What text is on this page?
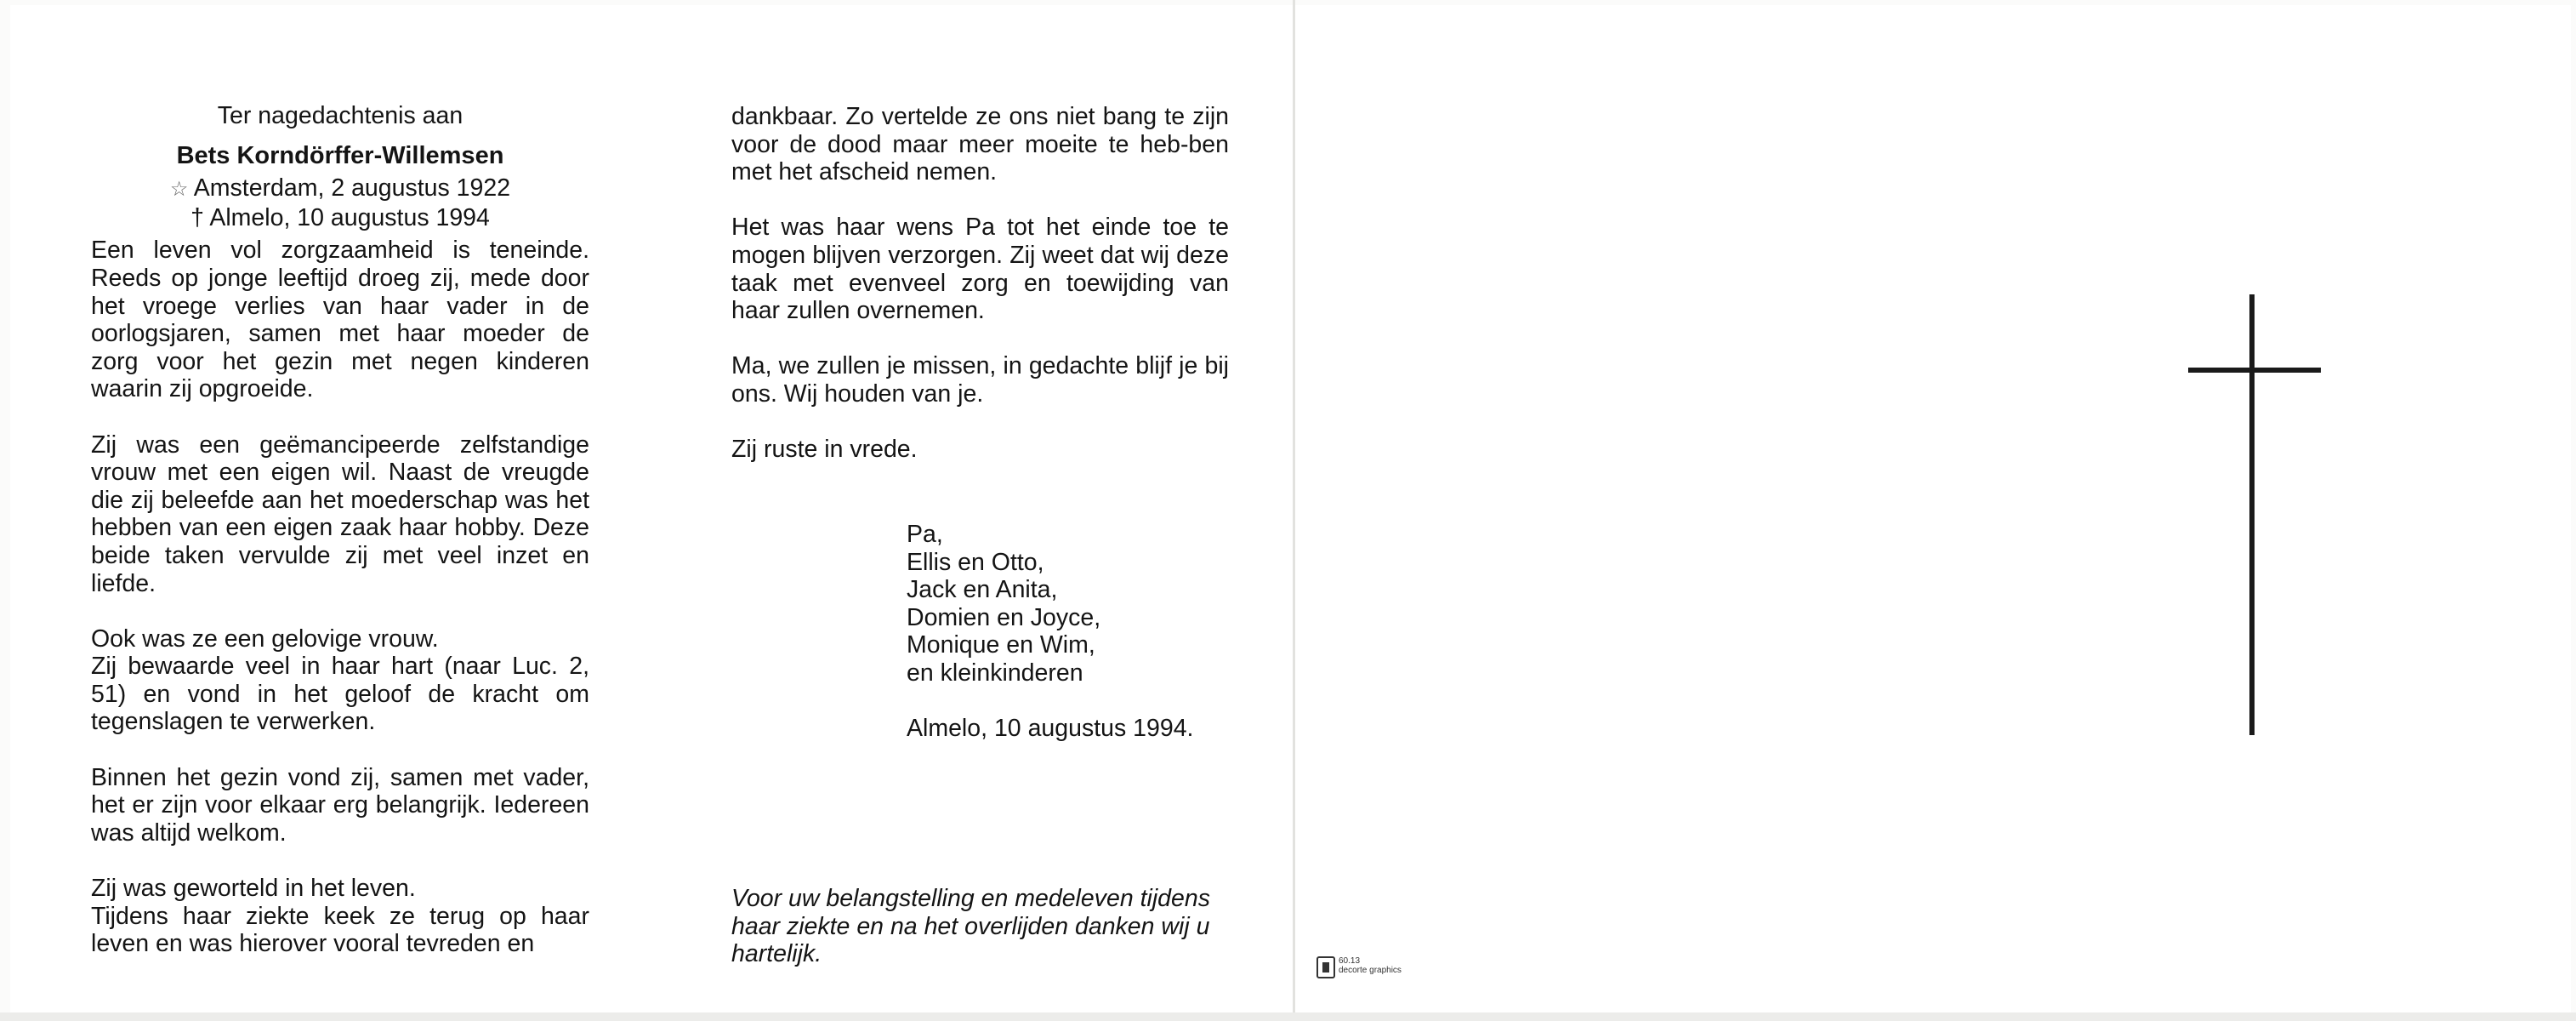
Ter nagedachtenis aan

Bets Korndörffer-Willemsen

☆ Amsterdam, 2 augustus 1922

† Almelo, 10 augustus 1994

Een leven vol zorgzaamheid is teneinde. Reeds op jonge leeftijd droeg zij, mede door het vroege verlies van haar vader in de oorlogsjaren, samen met haar moeder de zorg voor het gezin met negen kinderen waarin zij opgroeide.

Zij was een geëmancipeerde zelfstandige vrouw met een eigen wil. Naast de vreugde die zij beleefde aan het moederschap was het hebben van een eigen zaak haar hobby. Deze beide taken vervulde zij met veel inzet en liefde.

Ook was ze een gelovige vrouw.

Zij bewaarde veel in haar hart (naar Luc. 2, 51) en vond in het geloof de kracht om tegenslagen te verwerken.

Binnen het gezin vond zij, samen met vader, het er zijn voor elkaar erg belangrijk. Iedereen was altijd welkom.

Zij was geworteld in het leven.

Tijdens haar ziekte keek ze terug op haar leven en was hierover vooral tevreden en

dankbaar. Zo vertelde ze ons niet bang te zijn voor de dood maar meer moeite te heb-ben met het afscheid nemen.

Het was haar wens Pa tot het einde toe te mogen blijven verzorgen. Zij weet dat wij deze taak met evenveel zorg en toewijding van haar zullen overnemen.

Ma, we zullen je missen, in gedachte blijf je bij ons. Wij houden van je.

Zij ruste in vrede.

Pa,

Ellis en Otto,

Jack en Anita,

Domien en Joyce,

Monique en Wim,

en kleinkinderen

Almelo, 10 augustus 1994.

Voor uw belangstelling en medeleven tijdens haar ziekte en na het overlijden danken wij u hartelijk.	60.13

decorte graphics
